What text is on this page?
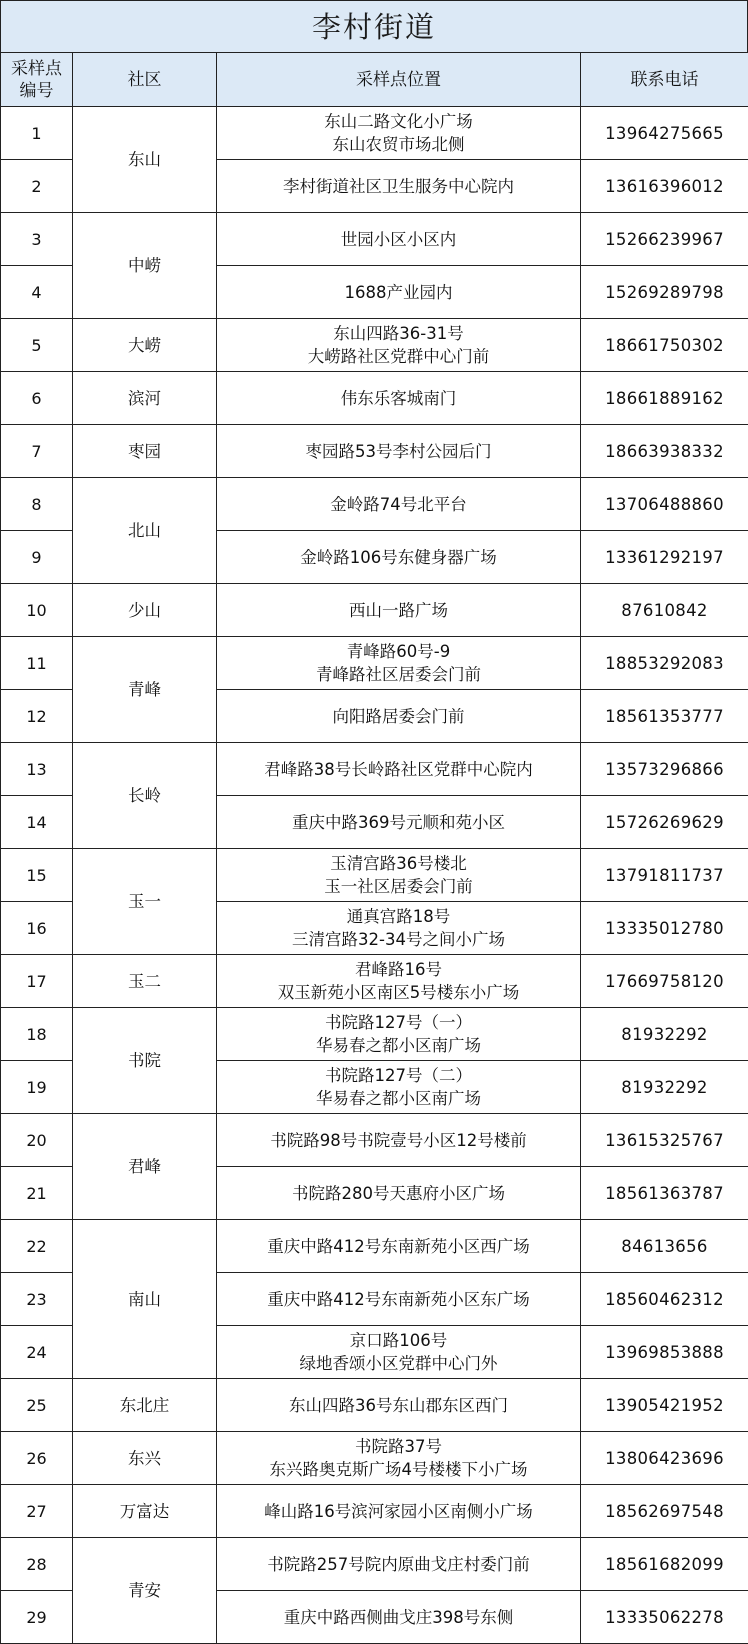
李村街道
采样点
编号	社区	采样点位置	联系电话
1	东山	东山二路文化小广场
东山农贸市场北侧	13964275665
2		李村街道社区卫生服务中心院内	13616396012
3	中崂	世园小区小区内	15266239967
4		1688产业园内	15269289798
5	大崂	东山四路36-31号
大崂路社区党群中心门前	18661750302
6	滨河	伟东乐客城南门	18661889162
7	枣园	枣园路53号李村公园后门	18663938332
8	北山	金岭路74号北平台	13706488860
9		金岭路106号东健身器广场	13361292197
10	少山	西山一路广场	87610842
11	青峰	青峰路60号-9
青峰路社区居委会门前	18853292083
12		向阳路居委会门前	18561353777
13	长岭	君峰路38号长岭路社区党群中心院内	13573296866
14		重庆中路369号元顺和苑小区	15726269629
15	玉一	玉清宫路36号楼北
玉一社区居委会门前	13791811737
16		通真宫路18号
三清宫路32-34号之间小广场	13335012780
17	玉二	君峰路16号
双玉新苑小区南区5号楼东小广场	17669758120
18	书院	书院路127号（一）
华易春之都小区南广场	81932292
19		书院路127号（二）
华易春之都小区南广场	81932292
20	君峰	书院路98号书院壹号小区12号楼前	13615325767
21		书院路280号天惠府小区广场	18561363787
22	南山	重庆中路412号东南新苑小区西广场	84613656
23		重庆中路412号东南新苑小区东广场	18560462312
24		京口路106号
绿地香颂小区党群中心门外	13969853888
25	东北庄	东山四路36号东山郡东区西门	13905421952
26	东兴	书院路37号
东兴路奥克斯广场4号楼楼下小广场	13806423696
27	万富达	峰山路16号滨河家园小区南侧小广场	18562697548
28	青安	书院路257号院内原曲戈庄村委门前	18561682099
29		重庆中路西侧曲戈庄398号东侧	13335062278
